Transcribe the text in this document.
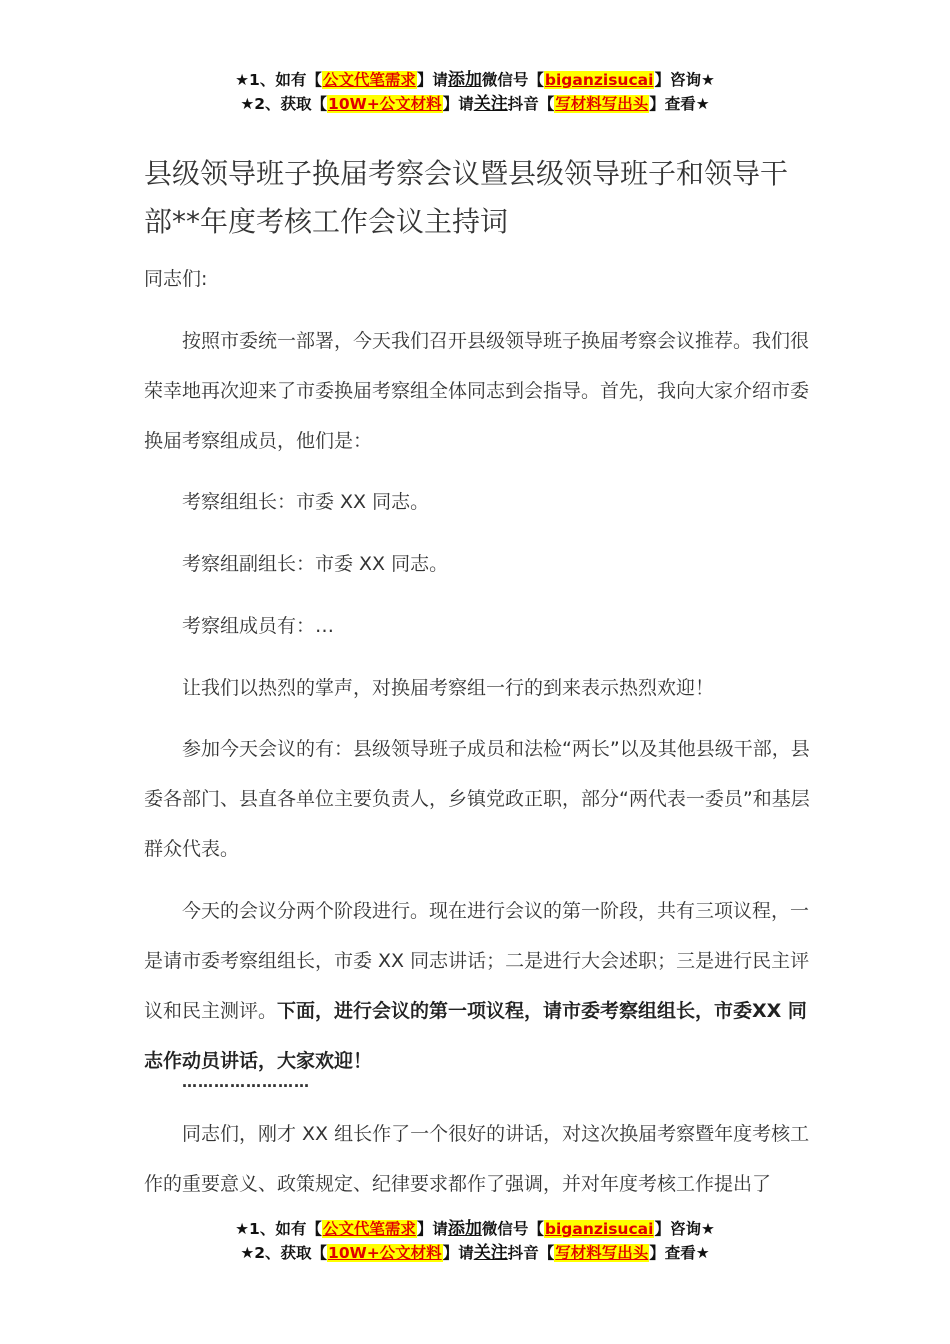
★1、如有【公文代笔需求】请添加微信号【biganzisucai】咨询★
★2、获取【10W+公文材料】请关注抖音【写材料写出头】查看★
县级领导班子换届考察会议暨县级领导班子和领导干部**年度考核工作会议主持词
同志们:
按照市委统一部署，今天我们召开县级领导班子换届考察会议推荐。我们很荣幸地再次迎来了市委换届考察组全体同志到会指导。首先，我向大家介绍市委换届考察组成员，他们是：
考察组组长：市委 XX 同志。
考察组副组长：市委 XX 同志。
考察组成员有：…
让我们以热烈的掌声，对换届考察组一行的到来表示热烈欢迎！
参加今天会议的有：县级领导班子成员和法检“两长”以及其他县级干部，县委各部门、县直各单位主要负责人，乡镇党政正职，部分“两代表一委员”和基层群众代表。
今天的会议分两个阶段进行。现在进行会议的第一阶段，共有三项议程，一是请市委考察组组长，市委 XX 同志讲话；二是进行大会述职；三是进行民主评议和民主测评。下面，进行会议的第一项议程，请市委考察组组长，市委XX 同志作动员讲话，大家欢迎！
……………………
同志们，刚才 XX 组长作了一个很好的讲话，对这次换届考察暨年度考核工作的重要意义、政策规定、纪律要求都作了强调，并对年度考核工作提出了
★1、如有【公文代笔需求】请添加微信号【biganzisucai】咨询★
★2、获取【10W+公文材料】请关注抖音【写材料写出头】查看★
